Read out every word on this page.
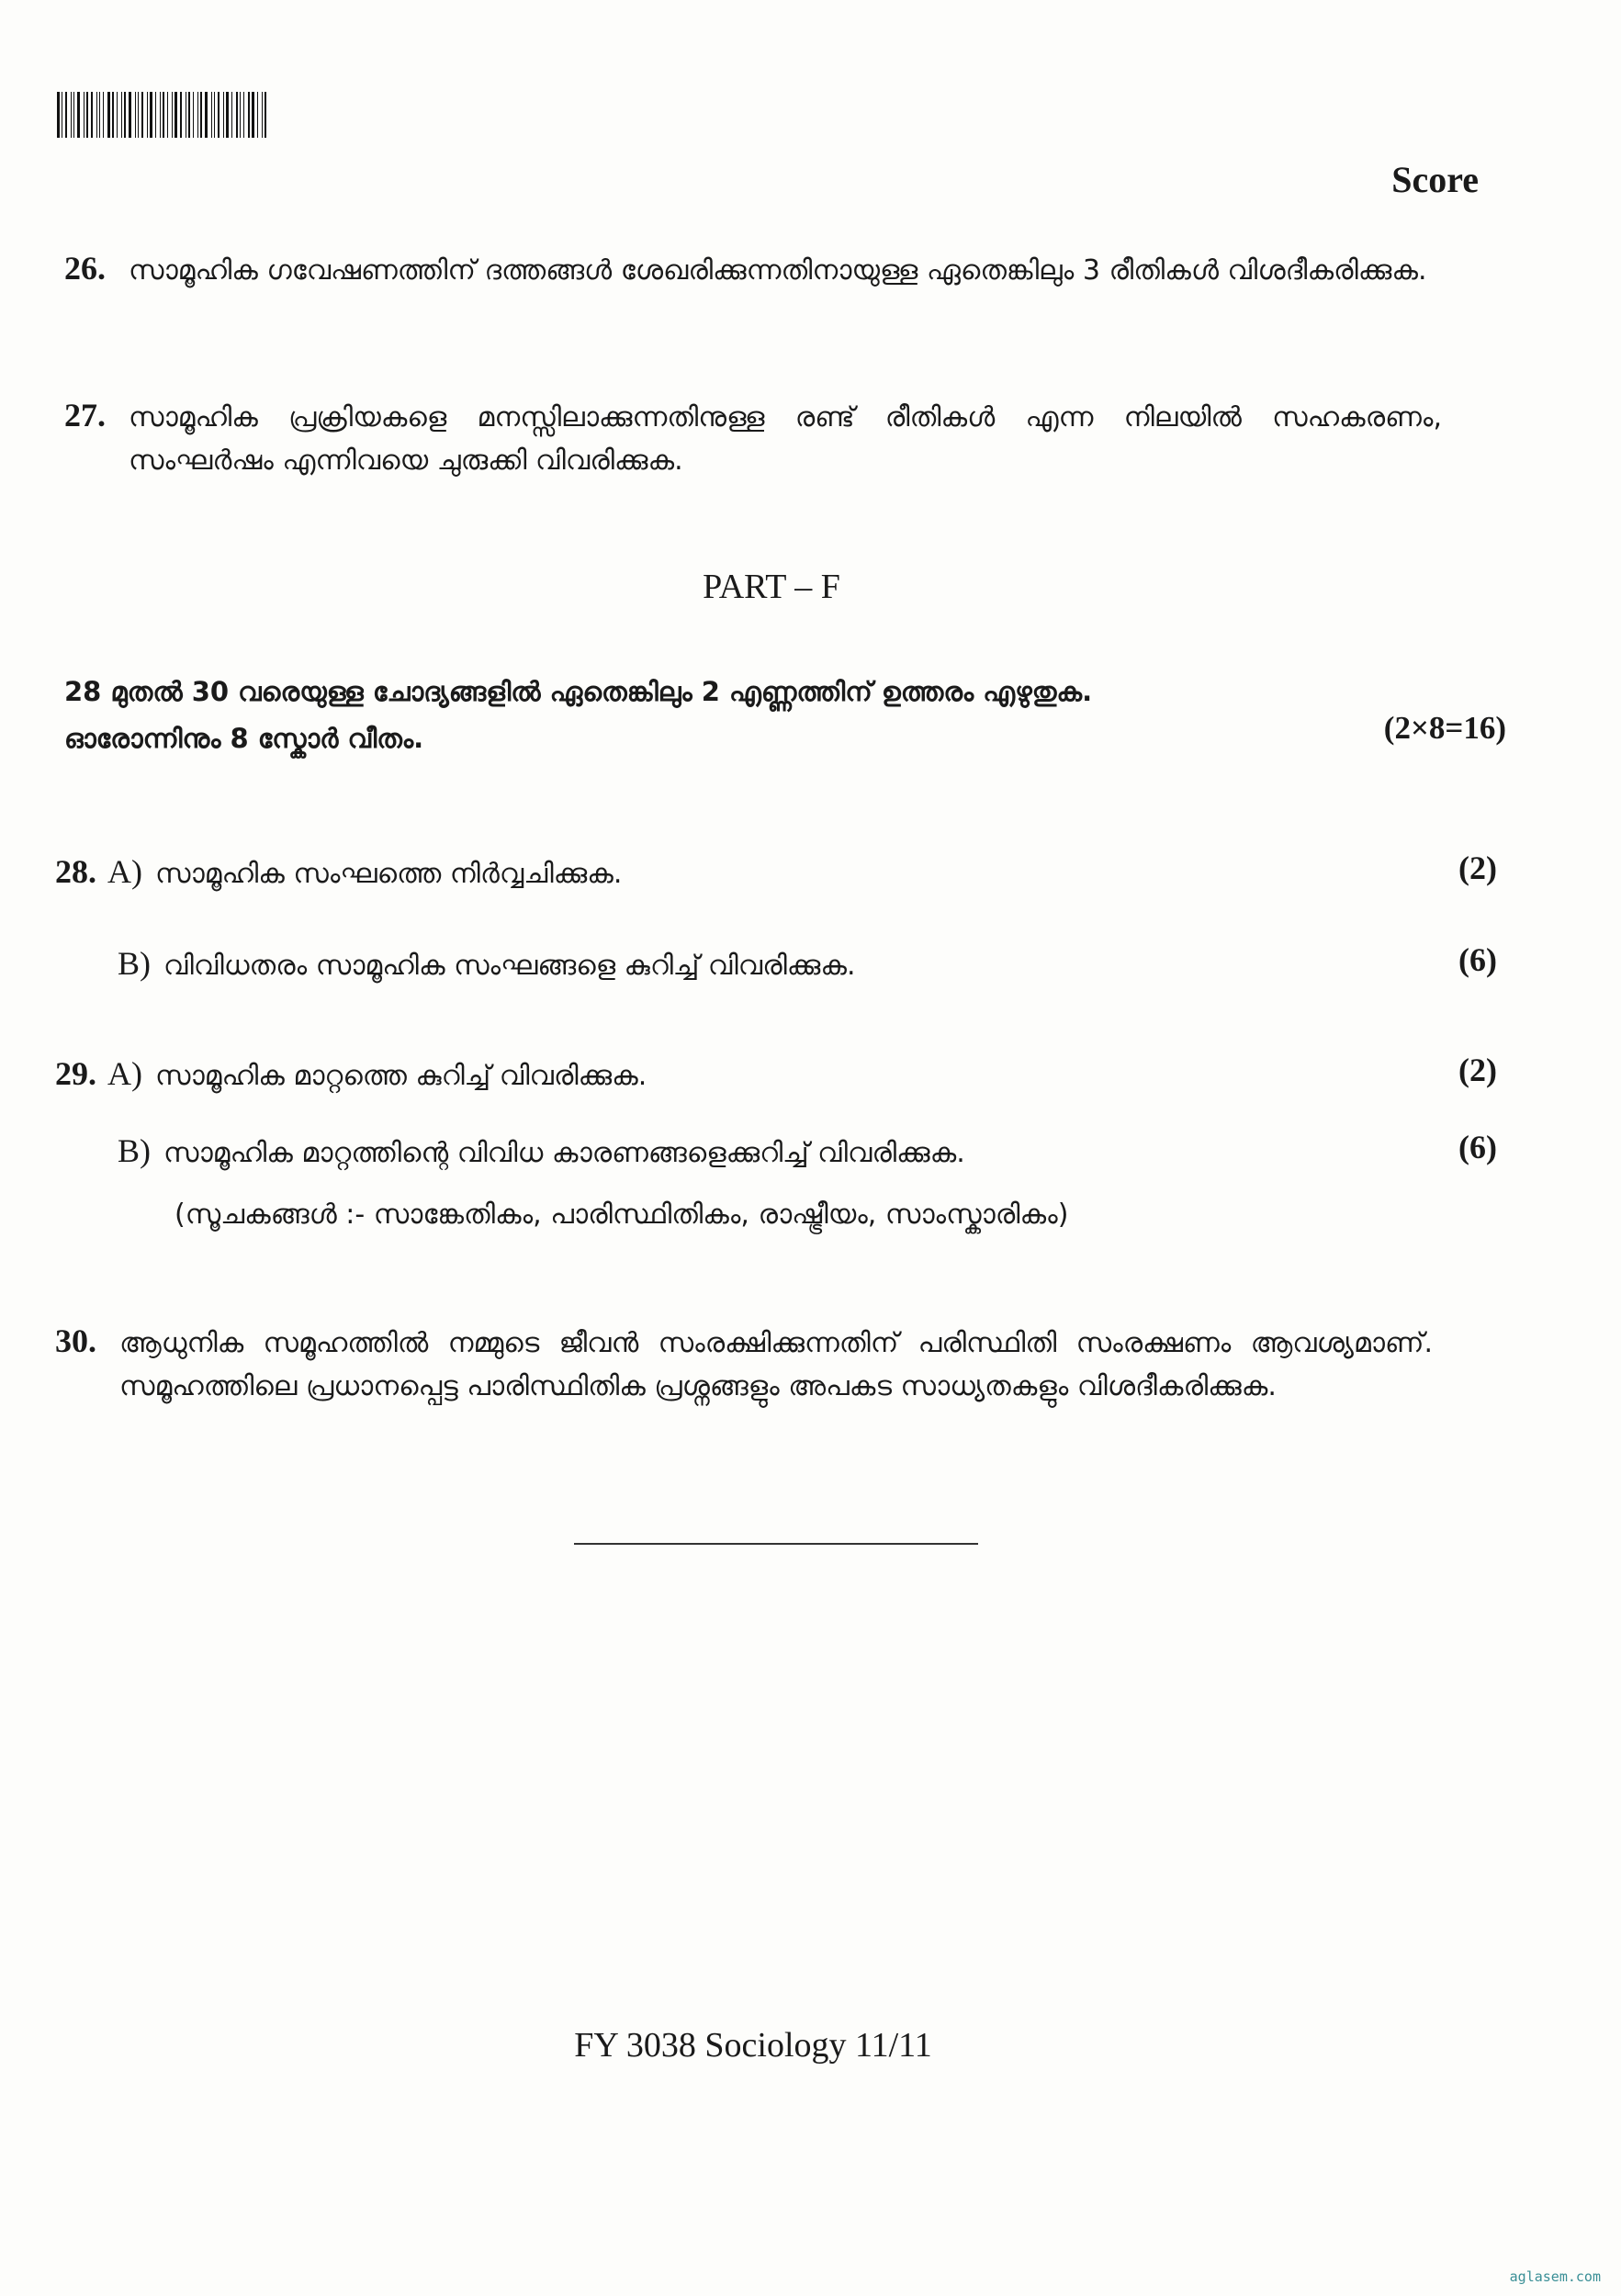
Score
26. സാമൂഹിക ഗവേഷണത്തിന് ദത്തങ്ങൾ ശേഖരിക്കുന്നതിനായുള്ള ഏതെങ്കിലും 3 രീതികൾ വിശദീകരിക്കുക.
27. സാമൂഹിക പ്രക്രിയകളെ മനസ്സിലാക്കുന്നതിനുള്ള രണ്ട് രീതികൾ എന്ന നിലയിൽ സഹകരണം, സംഘർഷം എന്നിവയെ ചുരുക്കി വിവരിക്കുക.
PART – F
28 മുതൽ 30 വരെയുള്ള ചോദ്യങ്ങളിൽ ഏതെങ്കിലും 2 എണ്ണത്തിന് ഉത്തരം എഴുതുക.
ഓരോന്നിനും 8 സ്കോർ വീതം.	(2×8=16)
28. A) സാമൂഹിക സംഘത്തെ നിർവ്വചിക്കുക.	(2)
B) വിവിധതരം സാമൂഹിക സംഘങ്ങളെ കുറിച്ച് വിവരിക്കുക.	(6)
29. A) സാമൂഹിക മാറ്റത്തെ കുറിച്ച് വിവരിക്കുക.	(2)
B) സാമൂഹിക മാറ്റത്തിന്റെ വിവിധ കാരണങ്ങളെക്കുറിച്ച് വിവരിക്കുക.	(6)
(സൂചകങ്ങൾ :- സാങ്കേതികം, പാരിസ്ഥിതികം, രാഷ്ട്രീയം, സാംസ്കാരികം)
30. ആധുനിക സമൂഹത്തിൽ നമ്മുടെ ജീവൻ സംരക്ഷിക്കുന്നതിന് പരിസ്ഥിതി സംരക്ഷണം ആവശ്യമാണ്. സമൂഹത്തിലെ പ്രധാനപ്പെട്ട പാരിസ്ഥിതിക പ്രശ്നങ്ങളും അപകട സാധ്യതകളും വിശദീകരിക്കുക.
FY 3038 Sociology 11/11
aglasem.com
